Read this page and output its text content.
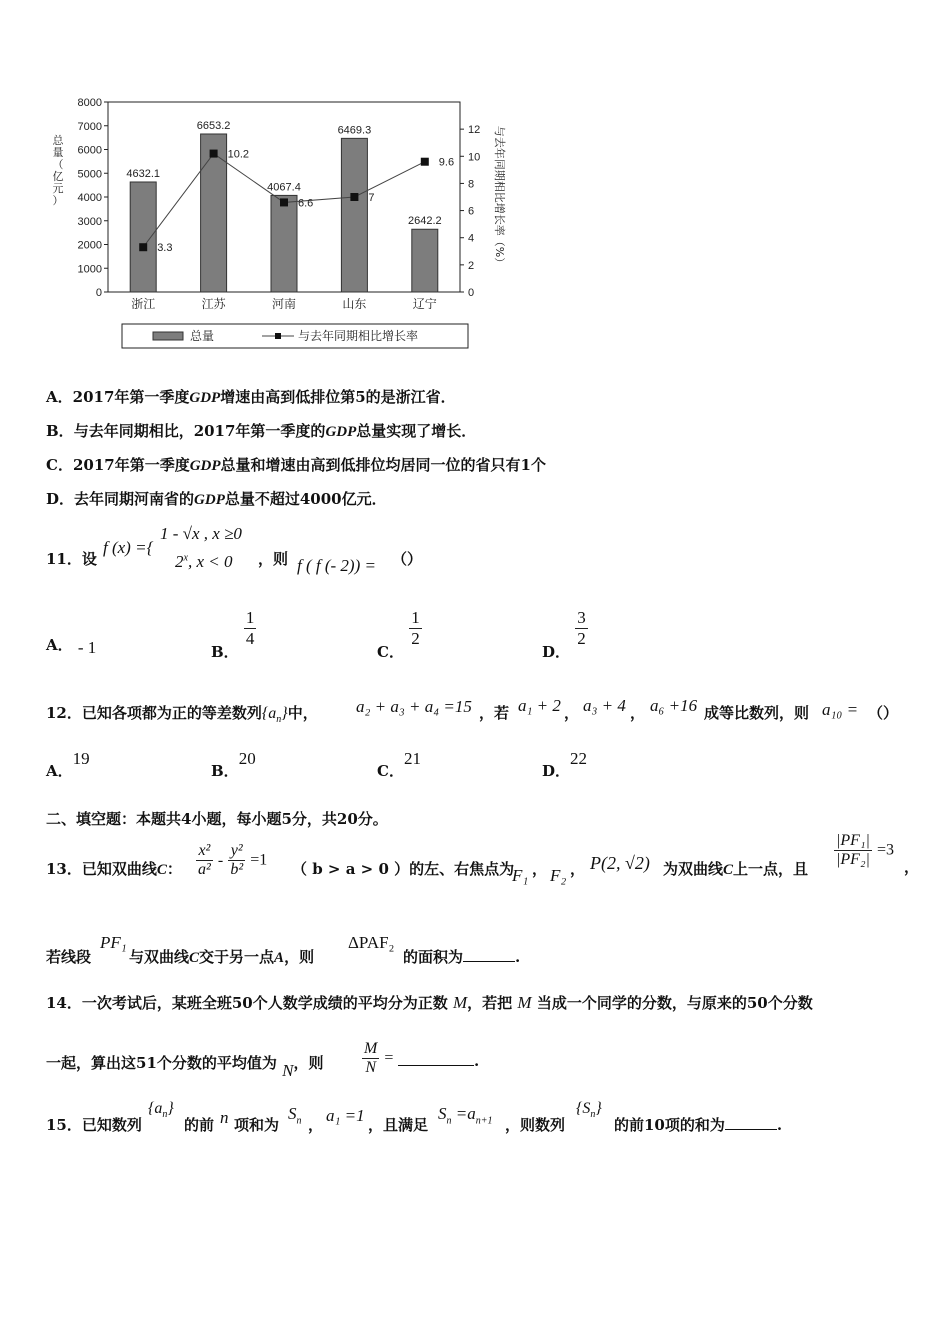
0
1000
2000
3000
4000
5000
6000
7000
8000
0
2
4
6
8
10
12
4632.1
6653.2
4067.4
6469.3
2642.2
3.3
10.2
6.6	7
9.6
浙江	江苏	河南	山东	辽宁
总
量
（
亿
元
）	与去年同期相比增长率（%）
总量	与去年同期相比增长率
A．2017年第一季度GDP增速由高到低排位第5的是浙江省．
B．与去年同期相比，2017年第一季度的GDP总量实现了增长．
C．2017年第一季度GDP总量和增速由高到低排位均居同一位的省只有1个
D．去年同期河南省的GDP总量不超过4000亿元．
11．设
f (x) ={
1 - √x , x ≥0
2$^x$, x < 0 ，则 f ( f (- 2)) = （）
A． - 1	B．
$\frac{1}{4}$
C．
$\frac{1}{2}$
D．
$\frac{3}{2}$
12．已知各项都为正的等差数列$\{a_n\}$中， a₂ + a₃ + a₄ =15 ，若 a₁ + 2 ， a₃ + 4 ， a₆ +16 成等比数列，则 a₁₀ = （）
A．19
B．20
C．21
D．22
二、填空题：本题共4小题，每小题5分，共20分。
13．已知双曲线C： $\frac{\text{x²}}{\text{a²}} - \frac{\text{y²}}{\text{b²}} =1$ （ b > a > 0 ）的左、右焦点为
F₁ ， F₂ ， P(2, √2) 为双曲线C上一点，且 $\frac{\text{|PF₁|}}{\text{|PF₂|}} =3$
，
若线段
PF₁
与双曲线C交于另一点A，则
ΔPAF₂
的面积为	.
14．一次考试后，某班全班50个人数学成绩的平均分为正数 M，若把 M 当成一个同学的分数，与原来的50个分数
一起，算出这51个分数的平均值为 N，则 $\frac{M}{N}$ =	.
15．已知数列
$\{a_n\}$
的前 n 项和为
$S_n$ ， a₁ =1 ，且满足
$S_n =a_{n+1}$ ，则数列
$\{S_n\}$
的前10项的和为	.
